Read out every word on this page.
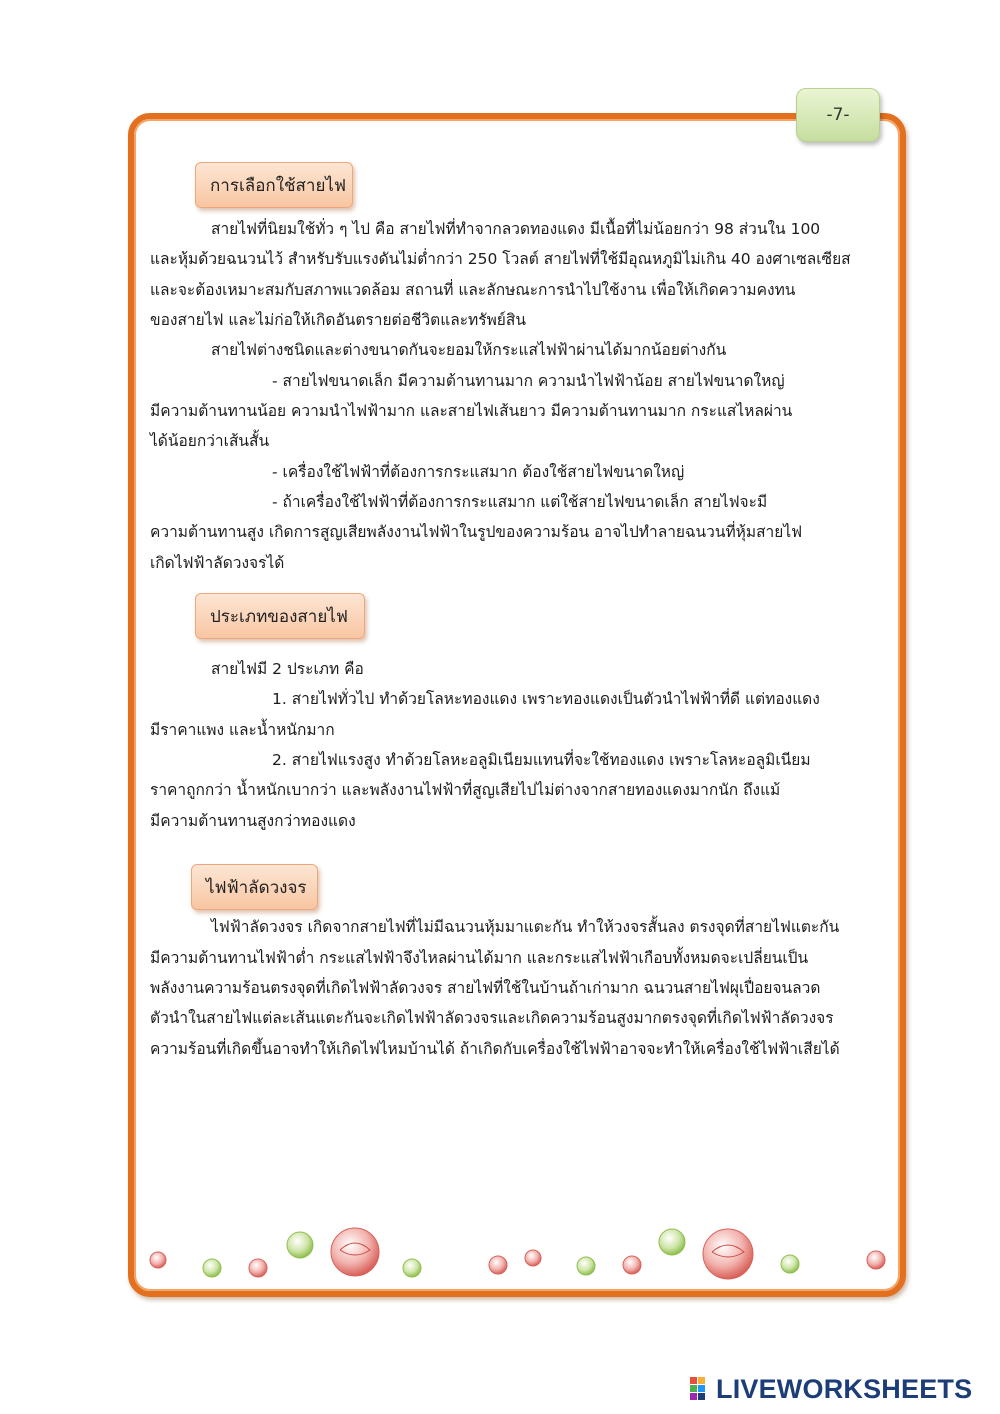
-7-
การเลือกใช้สายไฟ
สายไฟที่นิยมใช้ทั่ว ๆ ไป คือ สายไฟที่ทำจากลวดทองแดง มีเนื้อที่ไม่น้อยกว่า 98 ส่วนใน 100
และหุ้มด้วยฉนวนไว้ สำหรับรับแรงดันไม่ต่ำกว่า 250 โวลต์ สายไฟที่ใช้มีอุณหภูมิไม่เกิน 40 องศาเซลเซียส
และจะต้องเหมาะสมกับสภาพแวดล้อม สถานที่ และลักษณะการนำไปใช้งาน เพื่อให้เกิดความคงทน
ของสายไฟ และไม่ก่อให้เกิดอันตรายต่อชีวิตและทรัพย์สิน
สายไฟต่างชนิดและต่างขนาดกันจะยอมให้กระแสไฟฟ้าผ่านได้มากน้อยต่างกัน
- สายไฟขนาดเล็ก มีความต้านทานมาก ความนำไฟฟ้าน้อย สายไฟขนาดใหญ่
มีความต้านทานน้อย ความนำไฟฟ้ามาก และสายไฟเส้นยาว มีความต้านทานมาก กระแสไหลผ่าน
ได้น้อยกว่าเส้นสั้น
- เครื่องใช้ไฟฟ้าที่ต้องการกระแสมาก ต้องใช้สายไฟขนาดใหญ่
- ถ้าเครื่องใช้ไฟฟ้าที่ต้องการกระแสมาก แต่ใช้สายไฟขนาดเล็ก สายไฟจะมี
ความต้านทานสูง เกิดการสูญเสียพลังงานไฟฟ้าในรูปของความร้อน อาจไปทำลายฉนวนที่หุ้มสายไฟ
เกิดไฟฟ้าลัดวงจรได้
ประเภทของสายไฟ
สายไฟมี 2 ประเภท คือ
1. สายไฟทั่วไป ทำด้วยโลหะทองแดง เพราะทองแดงเป็นตัวนำไฟฟ้าที่ดี แต่ทองแดง
มีราคาแพง และน้ำหนักมาก
2. สายไฟแรงสูง ทำด้วยโลหะอลูมิเนียมแทนที่จะใช้ทองแดง เพราะโลหะอลูมิเนียม
ราคาถูกกว่า น้ำหนักเบากว่า และพลังงานไฟฟ้าที่สูญเสียไปไม่ต่างจากสายทองแดงมากนัก ถึงแม้
มีความต้านทานสูงกว่าทองแดง
ไฟฟ้าลัดวงจร
ไฟฟ้าลัดวงจร เกิดจากสายไฟที่ไม่มีฉนวนหุ้มมาแตะกัน ทำให้วงจรสั้นลง ตรงจุดที่สายไฟแตะกัน
มีความต้านทานไฟฟ้าต่ำ กระแสไฟฟ้าจึงไหลผ่านได้มาก และกระแสไฟฟ้าเกือบทั้งหมดจะเปลี่ยนเป็น
พลังงานความร้อนตรงจุดที่เกิดไฟฟ้าลัดวงจร สายไฟที่ใช้ในบ้านถ้าเก่ามาก ฉนวนสายไฟผุเปื่อยจนลวด
ตัวนำในสายไฟแต่ละเส้นแตะกันจะเกิดไฟฟ้าลัดวงจรและเกิดความร้อนสูงมากตรงจุดที่เกิดไฟฟ้าลัดวงจร
ความร้อนที่เกิดขึ้นอาจทำให้เกิดไฟไหมบ้านได้ ถ้าเกิดกับเครื่องใช้ไฟฟ้าอาจจะทำให้เครื่องใช้ไฟฟ้าเสียได้
LIVEWORKSHEETS
